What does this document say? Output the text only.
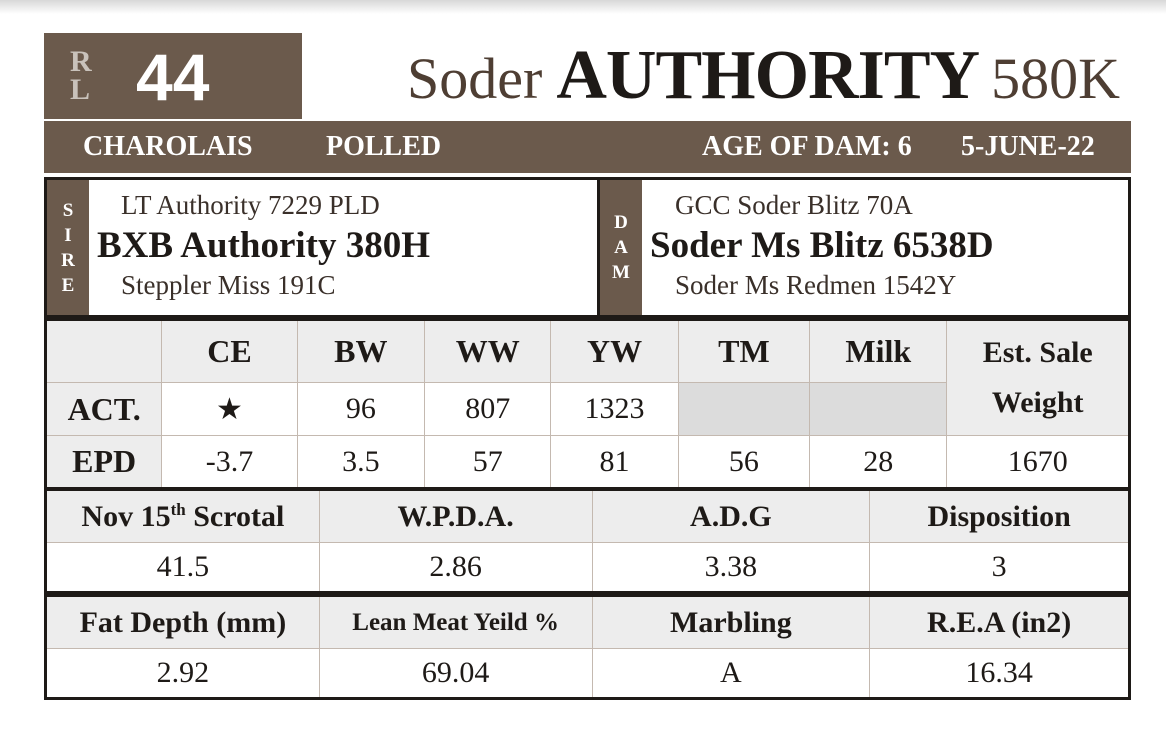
R
L 44	Soder AUTHORITY 580K
CHAROLAIS	POLLED	AGE OF DAM: 6 5-JUNE-22
S
I
R
E
LT Authority 7229 PLD
BXB Authority 380H
Steppler Miss 191C
D
A
M
GCC Soder Blitz 70A
Soder Ms Blitz 6538D
Soder Ms Redmen 1542Y
	CE	BW	WW	YW	TM	Milk	Est. Sale
Weight
ACT.	★	96	807	1323			
EPD	-3.7	3.5	57	81	56	28	1670
Nov 15th Scrotal	W.P.D.A.	A.D.G	Disposition
41.5	2.86	3.38	3
Fat Depth (mm)	Lean Meat Yeild %	Marbling	R.E.A (in2)
2.92	69.04	A	16.34
